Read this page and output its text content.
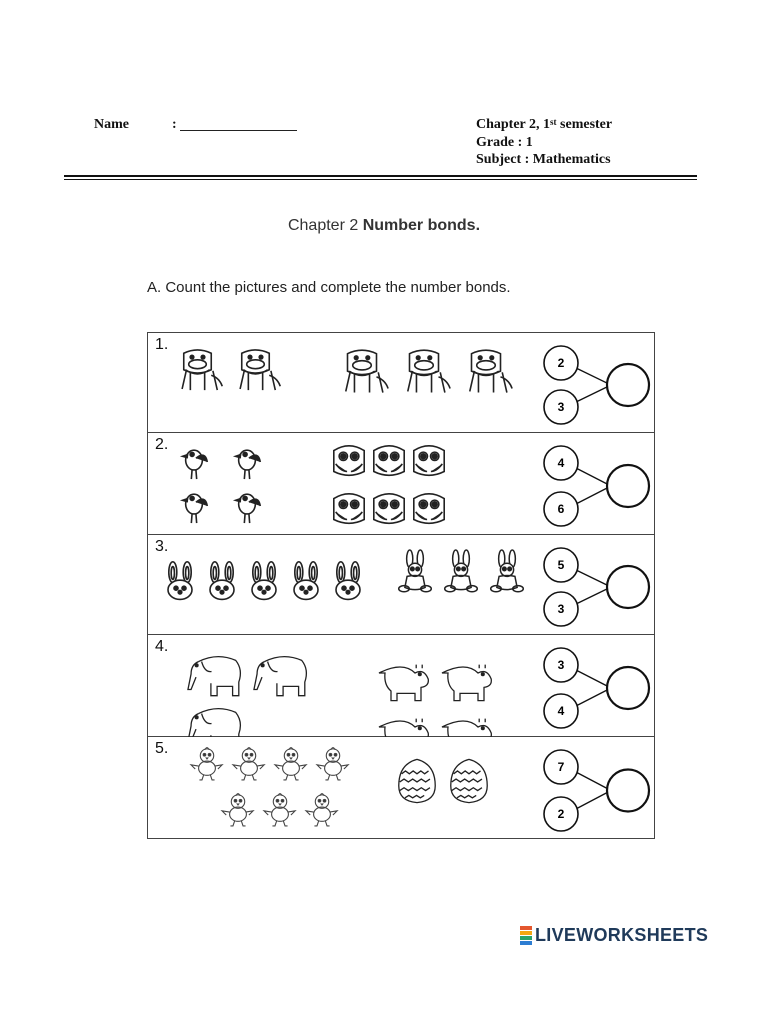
Name	:	Chapter 2, 1st semester
Grade : 1
Subject : Mathematics
Chapter 2 Number bonds.
A. Count the pictures and complete the number bonds.
1.
2
3
2.
4
6
3.
5
3
4.
3
4
5.
7
2
LIVEWORKSHEETS
